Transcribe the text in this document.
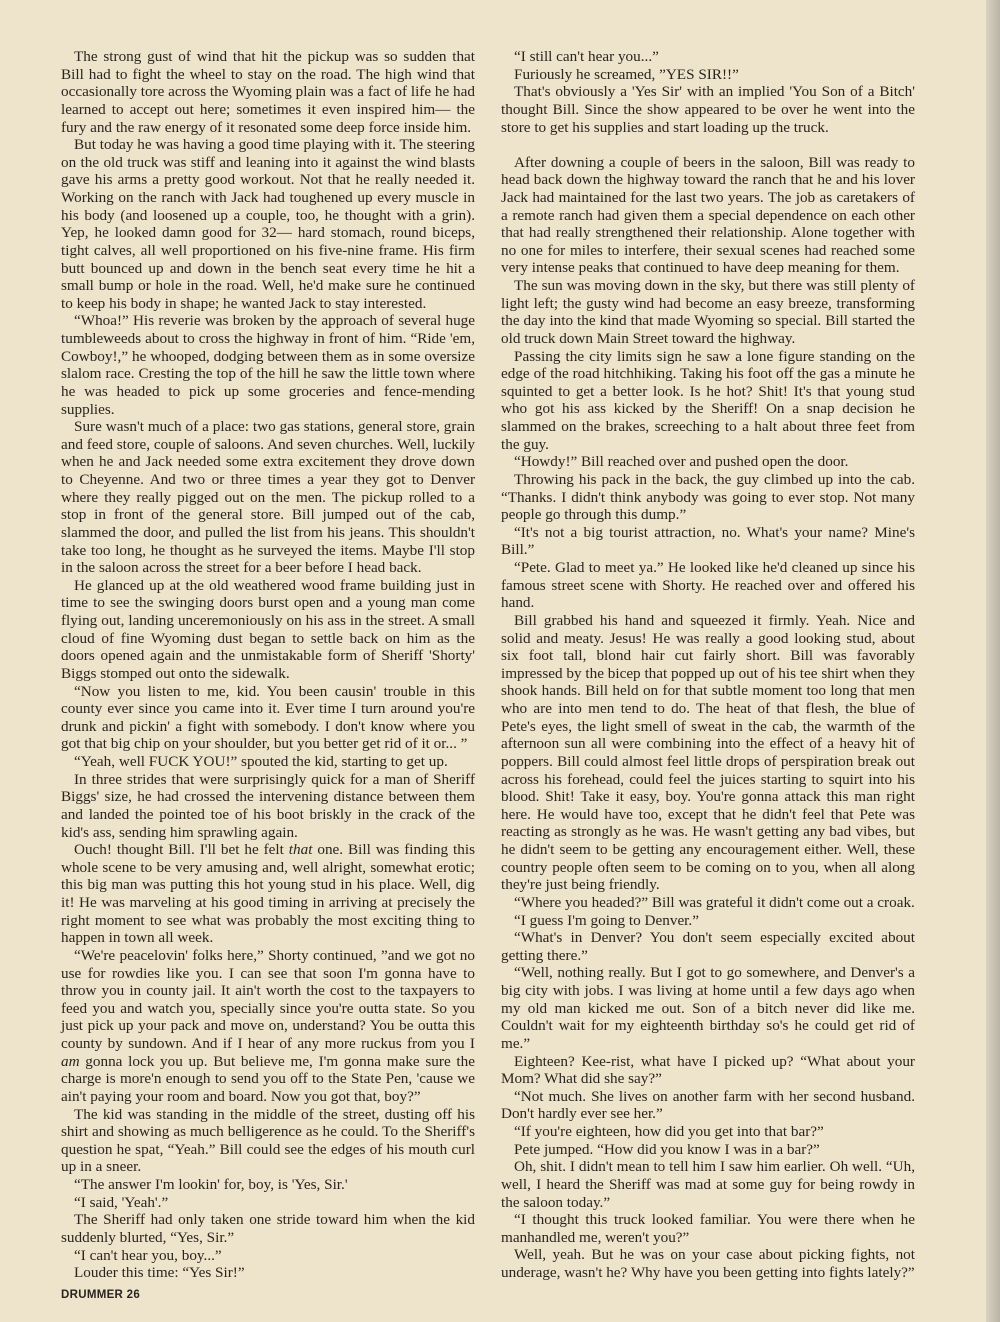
The strong gust of wind that hit the pickup was so sudden that Bill had to fight the wheel to stay on the road. The high wind that occasionally tore across the Wyoming plain was a fact of life he had learned to accept out here; sometimes it even inspired him— the fury and the raw energy of it resonated some deep force inside him.

But today he was having a good time playing with it. The steering on the old truck was stiff and leaning into it against the wind blasts gave his arms a pretty good workout. Not that he really needed it. Working on the ranch with Jack had toughened up every muscle in his body (and loosened up a couple, too, he thought with a grin). Yep, he looked damn good for 32— hard stomach, round biceps, tight calves, all well proportioned on his five-nine frame. His firm butt bounced up and down in the bench seat every time he hit a small bump or hole in the road. Well, he'd make sure he continued to keep his body in shape; he wanted Jack to stay interested.

“Whoa!” His reverie was broken by the approach of several huge tumbleweeds about to cross the highway in front of him. “Ride 'em, Cowboy!,” he whooped, dodging between them as in some oversize slalom race. Cresting the top of the hill he saw the little town where he was headed to pick up some groceries and fence-mending supplies.

Sure wasn't much of a place: two gas stations, general store, grain and feed store, couple of saloons. And seven churches. Well, luckily when he and Jack needed some extra excitement they drove down to Cheyenne. And two or three times a year they got to Denver where they really pigged out on the men. The pickup rolled to a stop in front of the general store. Bill jumped out of the cab, slammed the door, and pulled the list from his jeans. This shouldn't take too long, he thought as he surveyed the items. Maybe I'll stop in the saloon across the street for a beer before I head back.

He glanced up at the old weathered wood frame building just in time to see the swinging doors burst open and a young man come flying out, landing unceremoniously on his ass in the street. A small cloud of fine Wyoming dust began to settle back on him as the doors opened again and the unmistakable form of Sheriff 'Shorty' Biggs stomped out onto the sidewalk.

“Now you listen to me, kid. You been causin' trouble in this county ever since you came into it. Ever time I turn around you're drunk and pickin' a fight with somebody. I don't know where you got that big chip on your shoulder, but you better get rid of it or... ”

“Yeah, well FUCK YOU!” spouted the kid, starting to get up.

In three strides that were surprisingly quick for a man of Sheriff Biggs' size, he had crossed the intervening distance between them and landed the pointed toe of his boot briskly in the crack of the kid's ass, sending him sprawling again.

Ouch! thought Bill. I'll bet he felt that one. Bill was finding this whole scene to be very amusing and, well alright, somewhat erotic; this big man was putting this hot young stud in his place. Well, dig it! He was marveling at his good timing in arriving at precisely the right moment to see what was probably the most exciting thing to happen in town all week.

“We're peacelovin' folks here,” Shorty continued, ”and we got no use for rowdies like you. I can see that soon I'm gonna have to throw you in county jail. It ain't worth the cost to the taxpayers to feed you and watch you, specially since you're outta state. So you just pick up your pack and move on, understand? You be outta this county by sundown. And if I hear of any more ruckus from you I am gonna lock you up. But believe me, I'm gonna make sure the charge is more'n enough to send you off to the State Pen, 'cause we ain't paying your room and board. Now you got that, boy?”

The kid was standing in the middle of the street, dusting off his shirt and showing as much belligerence as he could. To the Sheriff's question he spat, “Yeah.” Bill could see the edges of his mouth curl up in a sneer.

“The answer I'm lookin' for, boy, is 'Yes, Sir.'

“I said, 'Yeah'.”

The Sheriff had only taken one stride toward him when the kid suddenly blurted, “Yes, Sir.”

“I can't hear you, boy...”

Louder this time: “Yes Sir!”

DRUMMER 26

“I still can't hear you...”

Furiously he screamed, ”YES SIR!!”

That's obviously a 'Yes Sir' with an implied 'You Son of a Bitch' thought Bill. Since the show appeared to be over he went into the store to get his supplies and start loading up the truck.

After downing a couple of beers in the saloon, Bill was ready to head back down the highway toward the ranch that he and his lover Jack had maintained for the last two years. The job as caretakers of a remote ranch had given them a special dependence on each other that had really strengthened their relationship. Alone together with no one for miles to interfere, their sexual scenes had reached some very intense peaks that continued to have deep meaning for them.

The sun was moving down in the sky, but there was still plenty of light left; the gusty wind had become an easy breeze, transforming the day into the kind that made Wyoming so special. Bill started the old truck down Main Street toward the highway.

Passing the city limits sign he saw a lone figure standing on the edge of the road hitchhiking. Taking his foot off the gas a minute he squinted to get a better look. Is he hot? Shit! It's that young stud who got his ass kicked by the Sheriff! On a snap decision he slammed on the brakes, screeching to a halt about three feet from the guy.

“Howdy!” Bill reached over and pushed open the door.

Throwing his pack in the back, the guy climbed up into the cab. “Thanks. I didn't think anybody was going to ever stop. Not many people go through this dump.”

“It's not a big tourist attraction, no. What's your name? Mine's Bill.”

“Pete. Glad to meet ya.” He looked like he'd cleaned up since his famous street scene with Shorty. He reached over and offered his hand.

Bill grabbed his hand and squeezed it firmly. Yeah. Nice and solid and meaty. Jesus! He was really a good looking stud, about six foot tall, blond hair cut fairly short. Bill was favorably impressed by the bicep that popped up out of his tee shirt when they shook hands. Bill held on for that subtle moment too long that men who are into men tend to do. The heat of that flesh, the blue of Pete's eyes, the light smell of sweat in the cab, the warmth of the afternoon sun all were combining into the effect of a heavy hit of poppers. Bill could almost feel little drops of perspiration break out across his forehead, could feel the juices starting to squirt into his blood. Shit! Take it easy, boy. You're gonna attack this man right here. He would have too, except that he didn't feel that Pete was reacting as strongly as he was. He wasn't getting any bad vibes, but he didn't seem to be getting any encouragement either. Well, these country people often seem to be coming on to you, when all along they're just being friendly.

“Where you headed?” Bill was grateful it didn't come out a croak.

“I guess I'm going to Denver.”

“What's in Denver? You don't seem especially excited about getting there.”

“Well, nothing really. But I got to go somewhere, and Denver's a big city with jobs. I was living at home until a few days ago when my old man kicked me out. Son of a bitch never did like me. Couldn't wait for my eighteenth birthday so's he could get rid of me.”

Eighteen? Kee-rist, what have I picked up? “What about your Mom? What did she say?”

“Not much. She lives on another farm with her second husband. Don't hardly ever see her.”

“If you're eighteen, how did you get into that bar?”

Pete jumped. “How did you know I was in a bar?”

Oh, shit. I didn't mean to tell him I saw him earlier. Oh well. “Uh, well, I heard the Sheriff was mad at some guy for being rowdy in the saloon today.”

“I thought this truck looked familiar. You were there when he manhandled me, weren't you?”

Well, yeah. But he was on your case about picking fights, not underage, wasn't he? Why have you been getting into fights lately?”
